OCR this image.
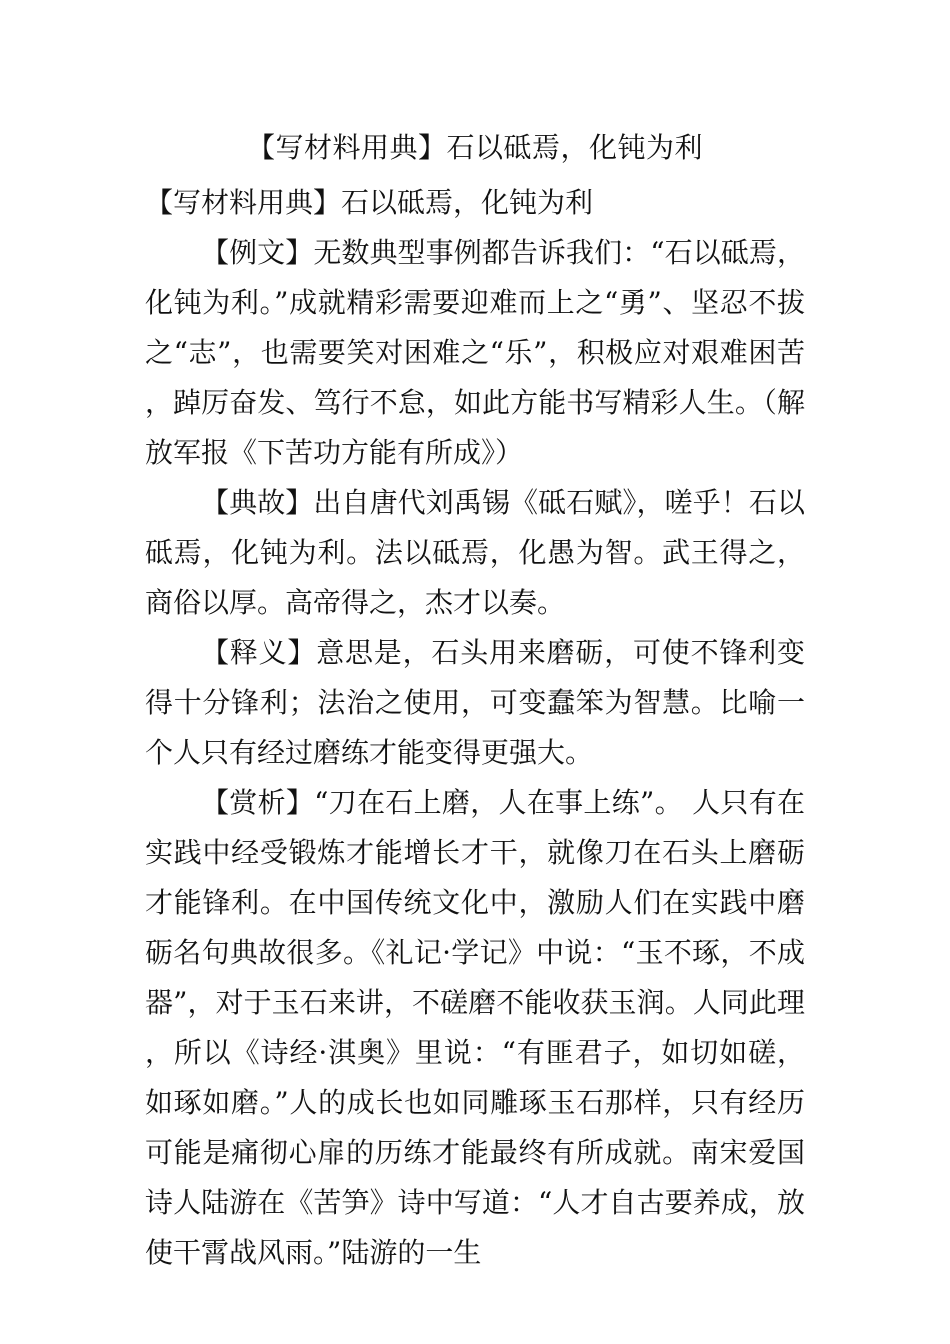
【写材料用典】石以砥焉，化钝为利

【写材料用典】石以砥焉，化钝为利

【例文】无数典型事例都告诉我们：“石以砥焉，化钝为利。”成就精彩需要迎难而上之“勇”、坚忍不拔之“志”，也需要笑对困难之“乐”，积极应对艰难困苦，踔厉奋发、笃行不怠，如此方能书写精彩人生。（解放军报《下苦功方能有所成》）

【典故】出自唐代刘禹锡《砥石赋》，嗟乎！石以砥焉，化钝为利。法以砥焉，化愚为智。武王得之，商俗以厚。高帝得之，杰才以奏。

【释义】意思是，石头用来磨砺，可使不锋利变得十分锋利；法治之使用，可变蠢笨为智慧。比喻一个人只有经过磨练才能变得更强大。

【赏析】“刀在石上磨，人在事上练”。 人只有在实践中经受锻炼才能增长才干，就像刀在石头上磨砺才能锋利。在中国传统文化中，激励人们在实践中磨砺名句典故很多。《礼记·学记》中说：“玉不琢，不成器”，对于玉石来讲，不磋磨不能收获玉润。人同此理，所以《诗经·淇奥》里说：“有匪君子，如切如磋，如琢如磨。”人的成长也如同雕琢玉石那样，只有经历可能是痛彻心扉的历练才能最终有所成就。南宋爱国诗人陆游在《苦笋》诗中写道：“人才自古要养成，放使干霄战风雨。”陆游的一生
